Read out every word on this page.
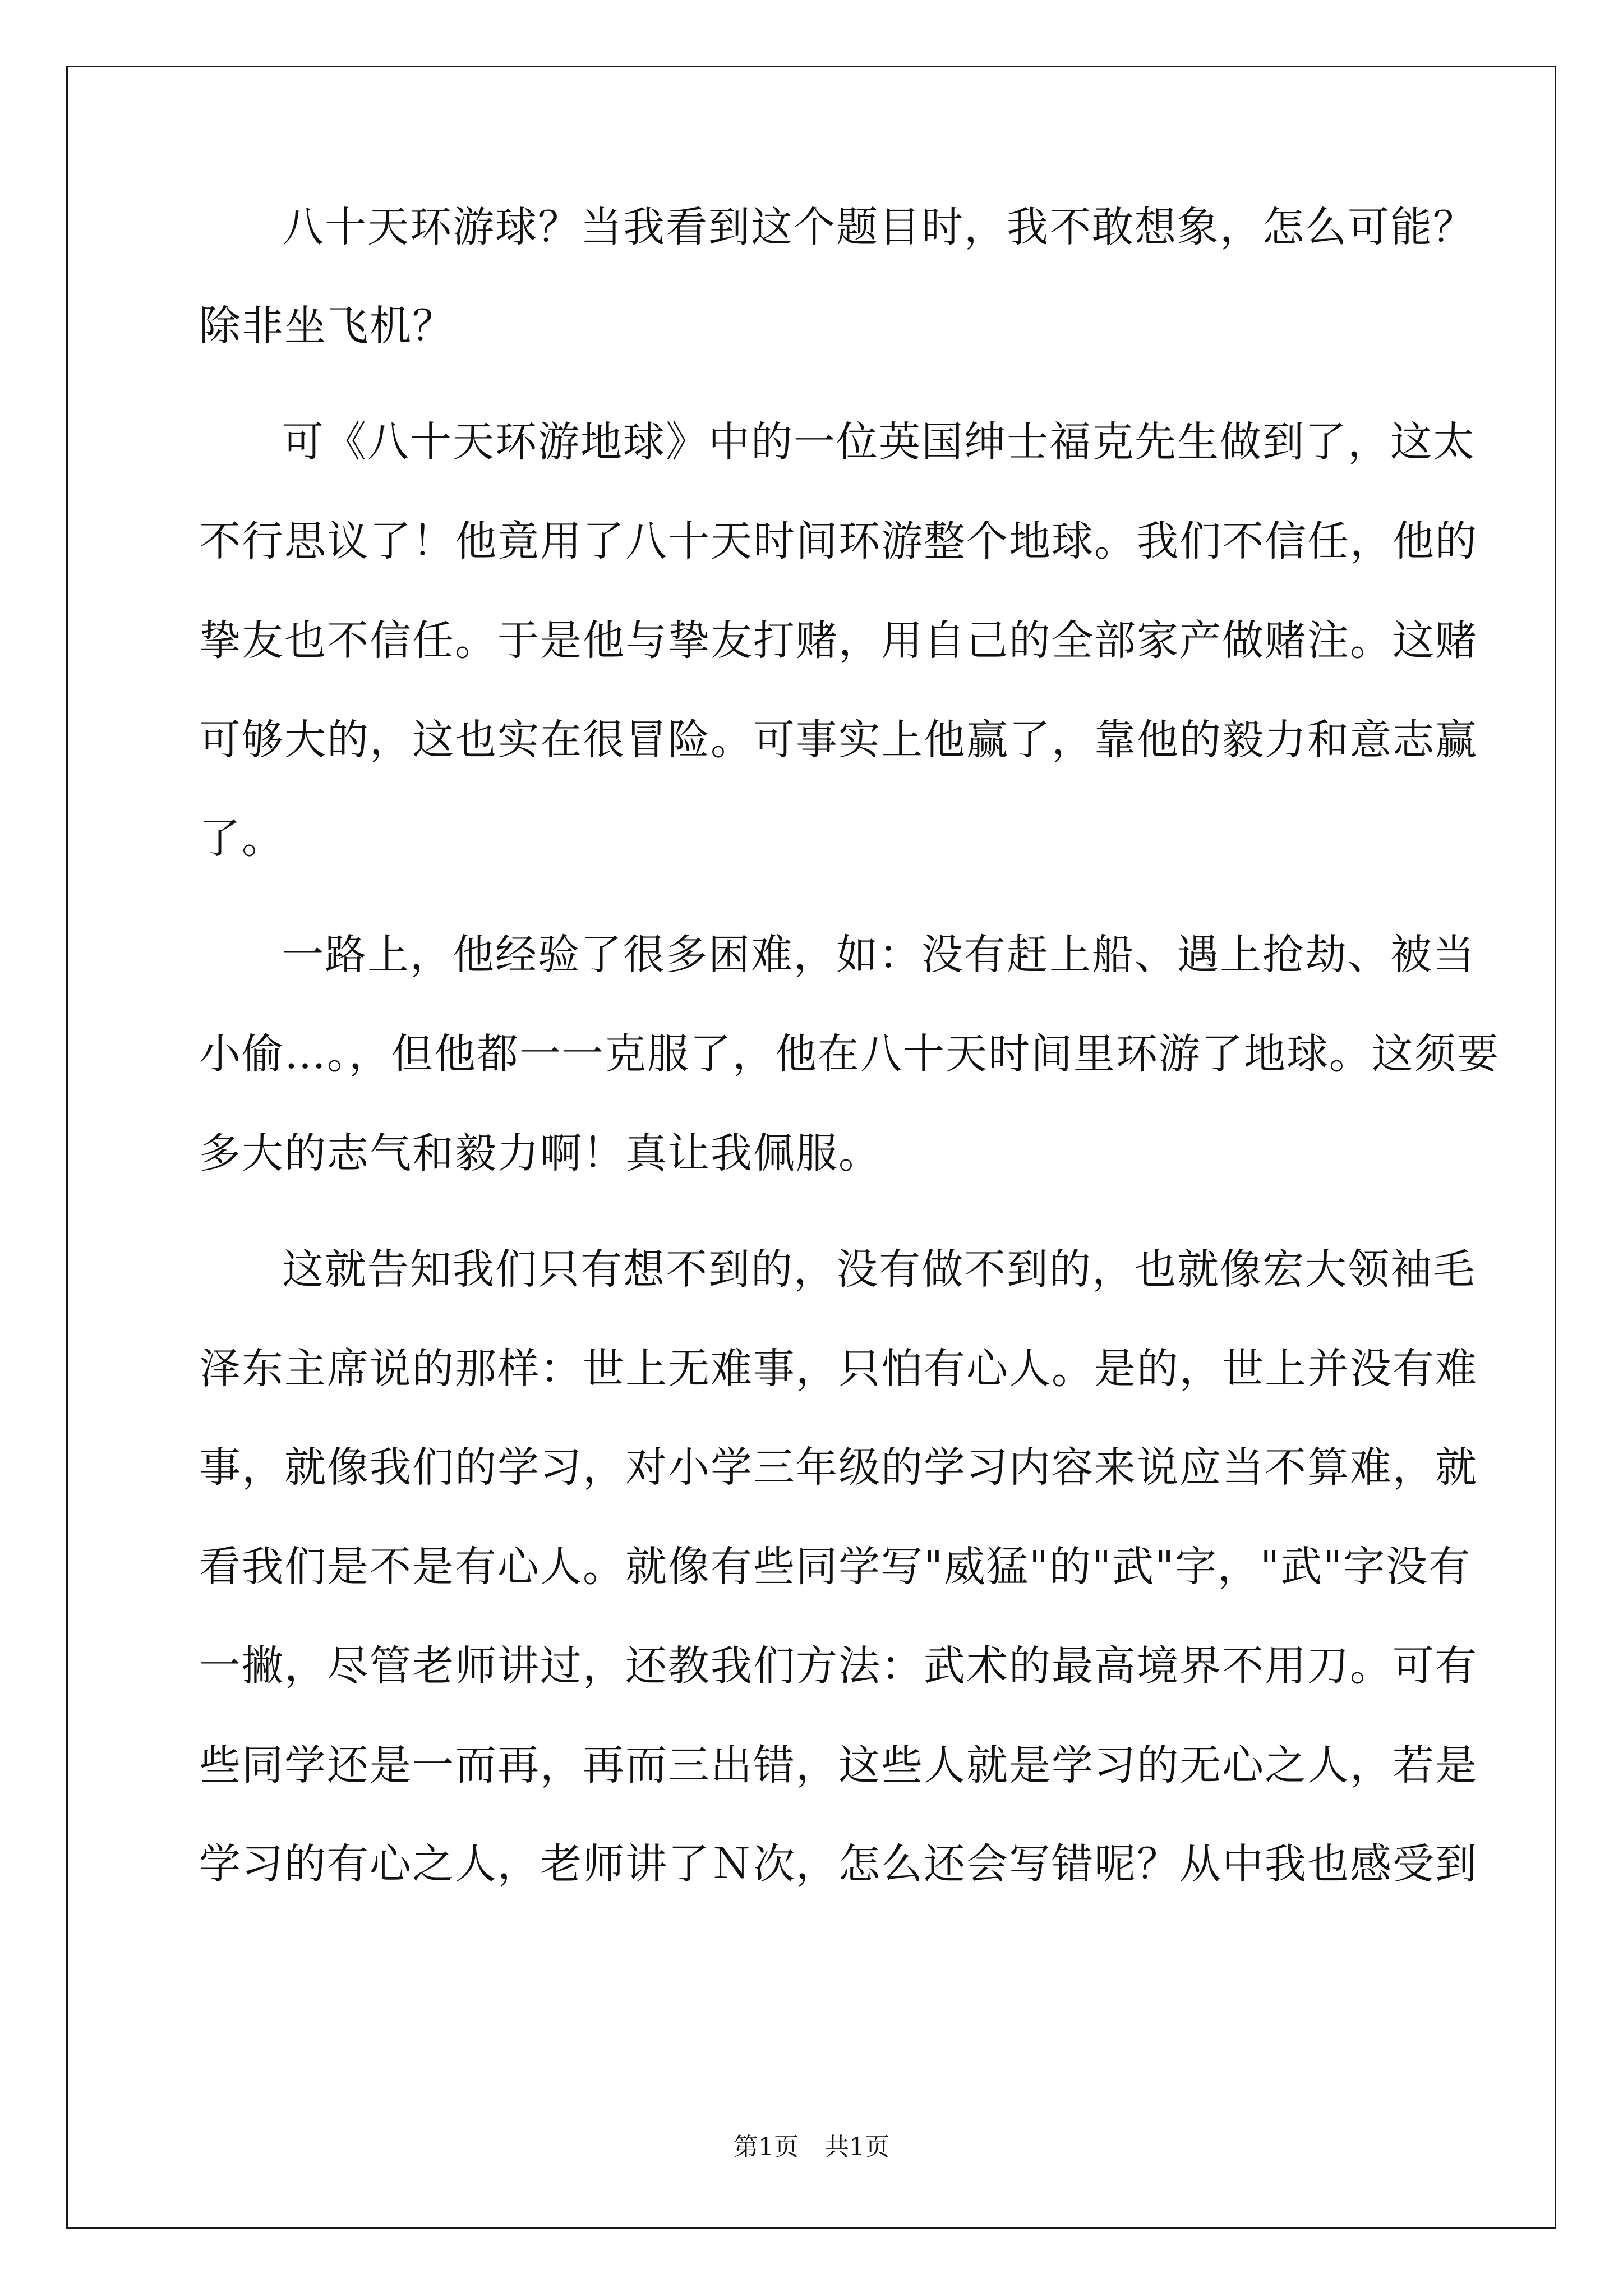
八十天环游球？当我看到这个题目时，我不敢想象，怎么可能？
除非坐飞机？
可《八十天环游地球》中的一位英国绅士福克先生做到了，这太
不行思议了！他竟用了八十天时间环游整个地球。我们不信任，他的
挚友也不信任。于是他与挚友打赌，用自己的全部家产做赌注。这赌
可够大的，这也实在很冒险。可事实上他赢了，靠他的毅力和意志赢
了。
一路上，他经验了很多困难，如：没有赶上船、遇上抢劫、被当
小偷…。，但他都一一克服了，他在八十天时间里环游了地球。这须要
多大的志气和毅力啊！真让我佩服。
这就告知我们只有想不到的，没有做不到的，也就像宏大领袖毛
泽东主席说的那样：世上无难事，只怕有心人。是的，世上并没有难
事，就像我们的学习，对小学三年级的学习内容来说应当不算难，就
看我们是不是有心人。就像有些同学写"威猛"的"武"字，"武"字没有
一撇，尽管老师讲过，还教我们方法：武术的最高境界不用刀。可有
些同学还是一而再，再而三出错，这些人就是学习的无心之人，若是
学习的有心之人，老师讲了Ｎ次，怎么还会写错呢？从中我也感受到
第1页 共1页
